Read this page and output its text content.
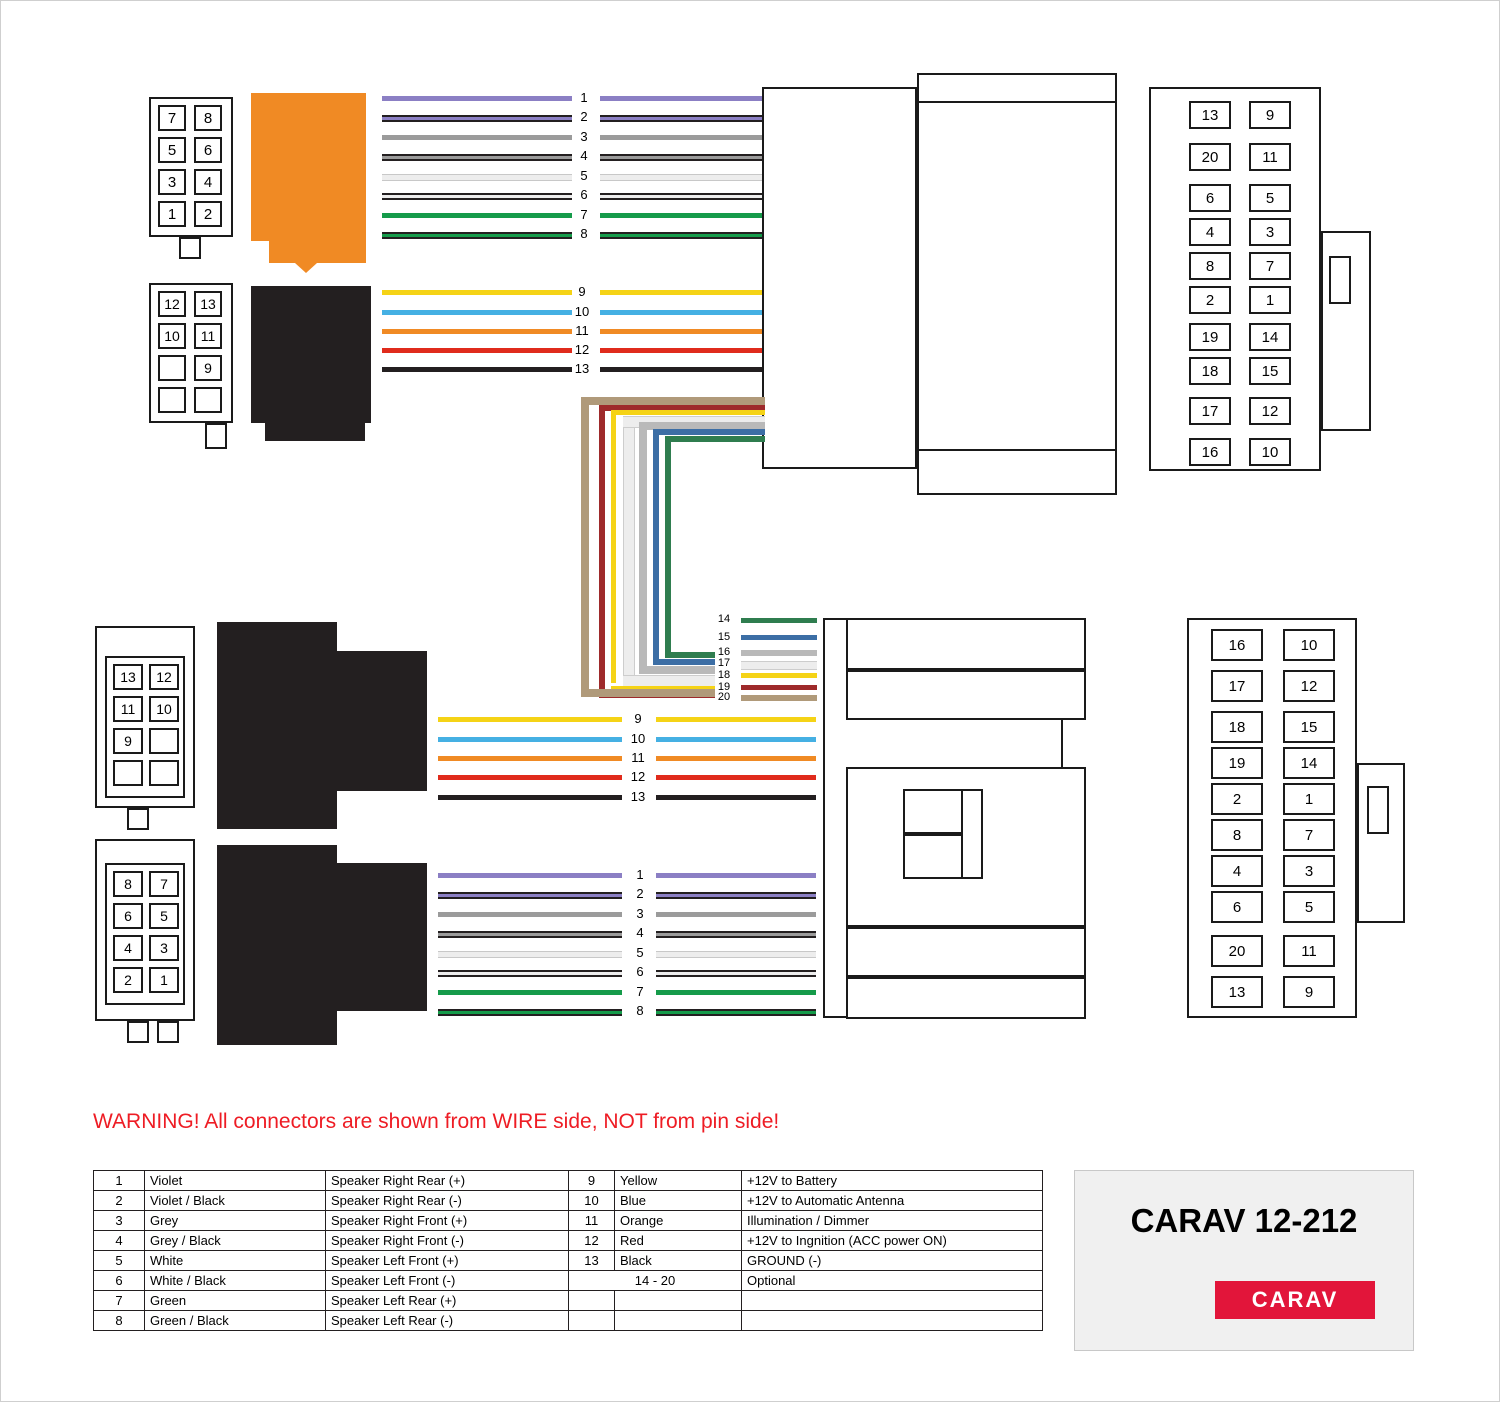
7	8
5	6
3	4
1	2
12	13
10	11
9
1
2
3
4
5
6
7
8
9
10
11
12
13
13	9
20	11
6	5
4	3
8	7
2	1
19	14
18	15
17	12
16	10
14
15
16
17
18
19
20
13	12
11	10
9
8	7
6	5
4	3
2	1
9
10
11
12
13
1
2
3
4
5
6
7
8
16	10
17	12
18	15
19	14
2	1
8	7
4	3
6	5
20	11
13	9
WARNING! All connectors are shown from WIRE side, NOT from pin side!
1	Violet	Speaker Right Rear (+)	9	Yellow	+12V to Battery
2	Violet / Black	Speaker Right Rear (-)	10	Blue	+12V to Automatic Antenna
3	Grey	Speaker Right Front (+)	11	Orange	Illumination / Dimmer
4	Grey / Black	Speaker Right Front (-)	12	Red	+12V to Ingnition (ACC power ON)
5	White	Speaker Left Front (+)	13	Black	GROUND (-)
6	White / Black	Speaker Left Front (-)	14 - 20		Optional
7	Green	Speaker Left Rear (+)			
8	Green / Black	Speaker Left Rear (-)			
CARAV 12-212
CARAV
